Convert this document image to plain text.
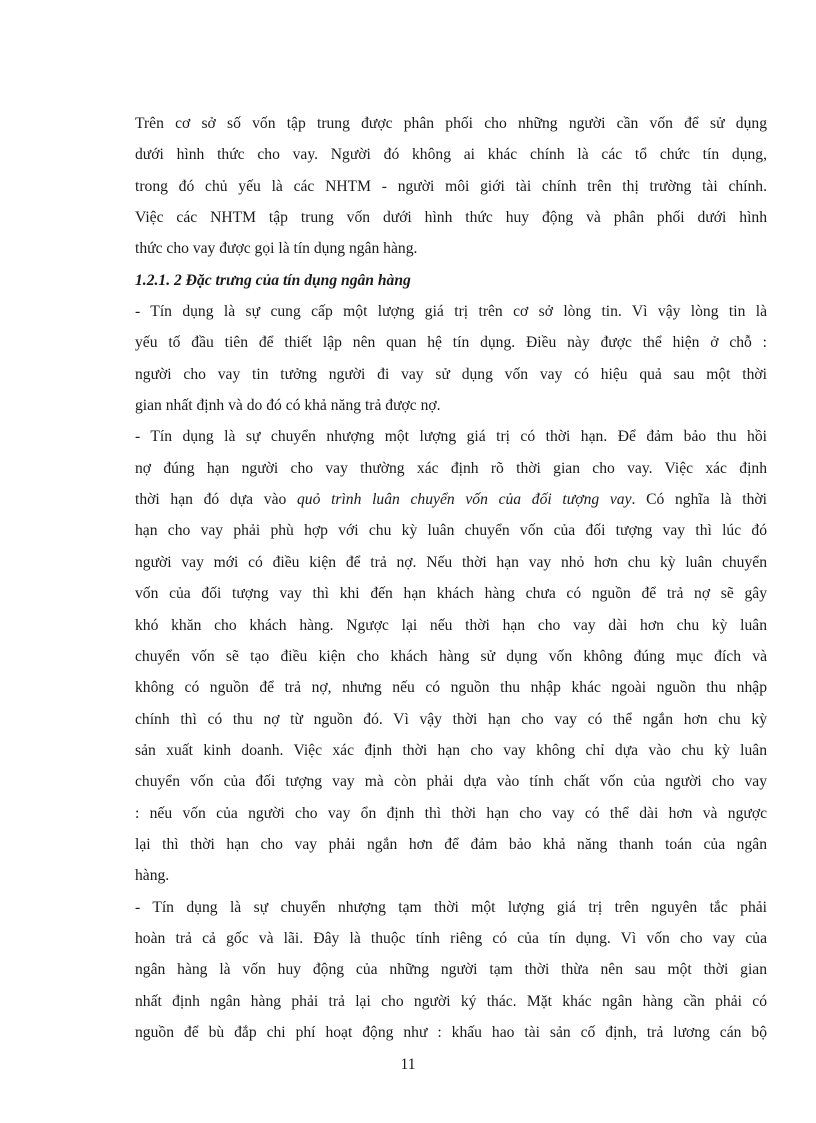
Trên cơ sở số vốn tập trung được phân phối cho những người cần vốn để sử dụng
dưới hình thức cho vay. Người đó không ai khác chính là các tổ chức tín dụng,
trong đó chủ yếu là các NHTM - người môi giới tài chính trên thị trường tài chính.
Việc các NHTM tập trung vốn dưới hình thức huy động và phân phối dưới hình
thức cho vay được gọi là tín dụng ngân hàng.
1.2.1. 2 Đặc trưng của tín dụng ngân hàng
- Tín dụng là sự cung cấp một lượng giá trị trên cơ sở lòng tin. Vì vậy lòng tin là
yếu tố đầu tiên để thiết lập nên quan hệ tín dụng. Điều này được thể hiện ở chỗ :
người cho vay tin tưởng người đi vay sử dụng vốn vay có hiệu quả sau một thời
gian nhất định và do đó có khả năng trả được nợ.
- Tín dụng là sự chuyển nhượng một lượng giá trị có thời hạn. Để đảm bảo thu hồi
nợ đúng hạn người cho vay thường xác định rõ thời gian cho vay. Việc xác định
thời hạn đó dựa vào quỏ trình luân chuyển vốn của đối tượng vay. Có nghĩa là thời
hạn cho vay phải phù hợp với chu kỳ luân chuyển vốn của đối tượng vay thì lúc đó
người vay mới có điều kiện để trả nợ. Nếu thời hạn vay nhỏ hơn chu kỳ luân chuyển
vốn của đối tượng vay thì khi đến hạn khách hàng chưa có nguồn để trả nợ sẽ gây
khó khăn cho khách hàng. Ngược lại nếu thời hạn cho vay dài hơn chu kỳ luân
chuyển vốn sẽ tạo điều kiện cho khách hàng sử dụng vốn không đúng mục đích và
không có nguồn để trả nợ, nhưng nếu có nguồn thu nhập khác ngoài nguồn thu nhập
chính thì có thu nợ từ nguồn đó. Vì vậy thời hạn cho vay có thể ngắn hơn chu kỳ
sản xuất kinh doanh. Việc xác định thời hạn cho vay không chỉ dựa vào chu kỳ luân
chuyển vốn của đối tượng vay mà còn phải dựa vào tính chất vốn của người cho vay
: nếu vốn của người cho vay ổn định thì thời hạn cho vay có thể dài hơn và ngược
lại thì thời hạn cho vay phải ngắn hơn để đảm bảo khả năng thanh toán của ngân
hàng.
- Tín dụng là sự chuyển nhượng tạm thời một lượng giá trị trên nguyên tắc phải
hoàn trả cả gốc và lãi. Đây là thuộc tính riêng có của tín dụng. Vì vốn cho vay của
ngân hàng là vốn huy động của những người tạm thời thừa nên sau một thời gian
nhất định ngân hàng phải trả lại cho người ký thác. Mặt khác ngân hàng cần phải có
nguồn để bù đắp chi phí hoạt động như : khấu hao tài sản cố định, trả lương cán bộ
11
